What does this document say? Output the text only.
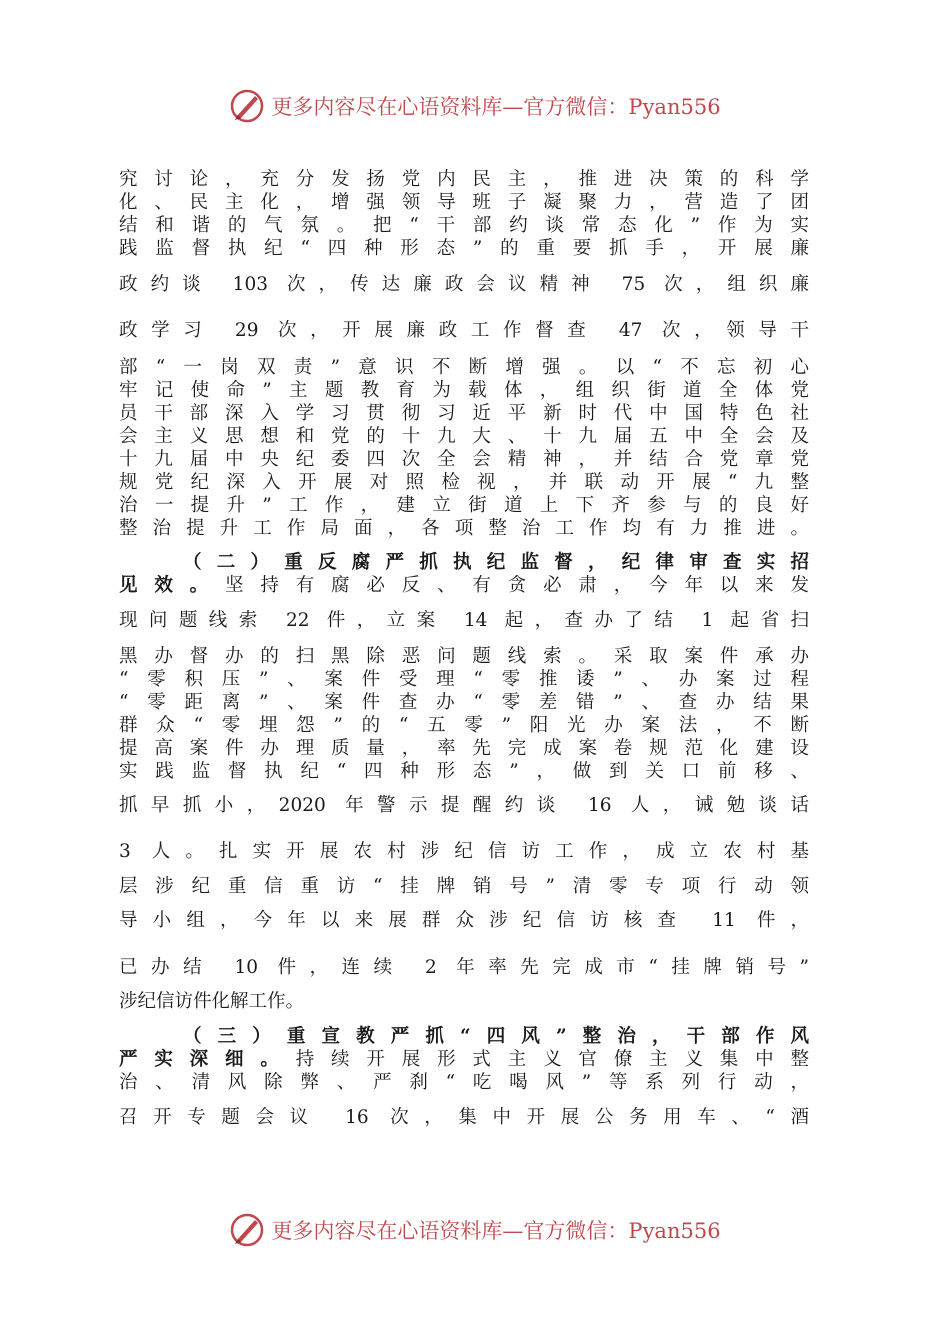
更多内容尽在心语资料库—官方微信：Pyan556
究讨论，充分发扬党内民主，推进决策的科学
化、民主化，增强领导班子凝聚力，营造了团
结和谐的气氛。把“干部约谈常态化”作为实
践监督执纪“四种形态”的重要抓手，开展廉
政约谈 103 次，传达廉政会议精神 75 次，组织廉
政学习 29 次，开展廉政工作督查 47 次，领导干
部“一岗双责”意识不断增强。以“不忘初心
牢记使命”主题教育为载体，组织街道全体党
员干部深入学习贯彻习近平新时代中国特色社
会主义思想和党的十九大、十九届五中全会及
十九届中央纪委四次全会精神，并结合党章党
规党纪深入开展对照检视，并联动开展“九整
治一提升”工作，建立街道上下齐参与的良好
整治提升工作局面，各项整治工作均有力推进。
（二）重反腐严抓执纪监督，纪律审查实招
见效。坚持有腐必反、有贪必肃，今年以来发
现问题线索 22 件，立案 14 起，查办了结 1 起省扫
黑办督办的扫黑除恶问题线索。采取案件承办
“零积压”、案件受理“零推诿”、办案过程
“零距离”、案件查办“零差错”、查办结果
群众“零埋怨”的“五零”阳光办案法，不断
提高案件办理质量，率先完成案卷规范化建设
实践监督执纪“四种形态”，做到关口前移、
抓早抓小，2020 年警示提醒约谈 16 人，诫勉谈话
3 人。扎实开展农村涉纪信访工作，成立农村基
层涉纪重信重访“挂牌销号”清零专项行动领
导小组，今年以来展群众涉纪信访核查 11 件，
已办结 10 件，连续 2 年率先完成市“挂牌销号”
涉纪信访件化解工作。
（三）重宣教严抓“四风”整治，干部作风
严实深细。持续开展形式主义官僚主义集中整
治、清风除弊、严刹“吃喝风”等系列行动，
召开专题会议 16 次，集中开展公务用车、“酒
更多内容尽在心语资料库—官方微信：Pyan556
